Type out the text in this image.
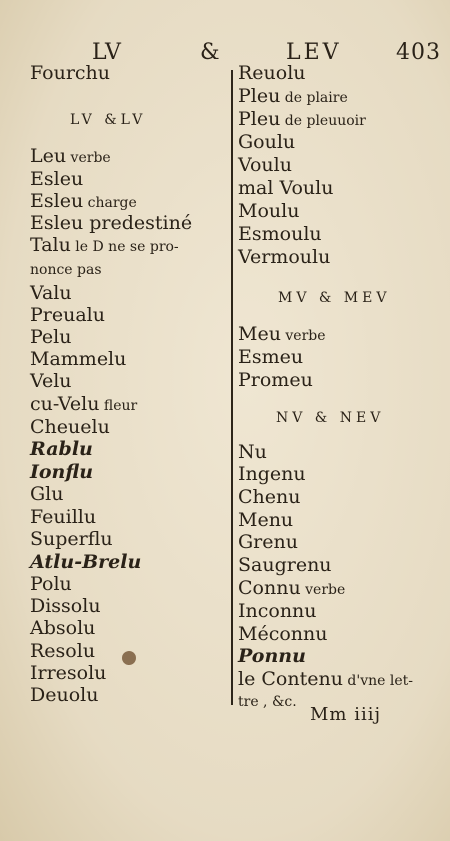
LV	&	LEV 403
Fourchu
LV &LV
Leu verbe
Esleu
Esleu charge
Esleu predestiné
Talu le D ne se pro-
nonce pas
Valu
Preualu
Pelu
Mammelu
Velu
cu-Velu fleur
Cheuelu
Rablu
Ionflu
Glu
Feuillu
Superflu
Atlu-Brelu
Polu
Dissolu
Absolu
Resolu
Irresolu
Deuolu
Reuolu
Pleu de plaire
Pleu de pleuuoir
Goulu
Voulu
mal Voulu
Moulu
Esmoulu
Vermoulu
MV & MEV
Meu verbe
Esmeu
Promeu
NV & NEV
Nu
Ingenu
Chenu
Menu
Grenu
Saugrenu
Connu verbe
Inconnu
Méconnu
Ponnu
le Contenu d'vne let-
tre , &c.
Mm iiij
